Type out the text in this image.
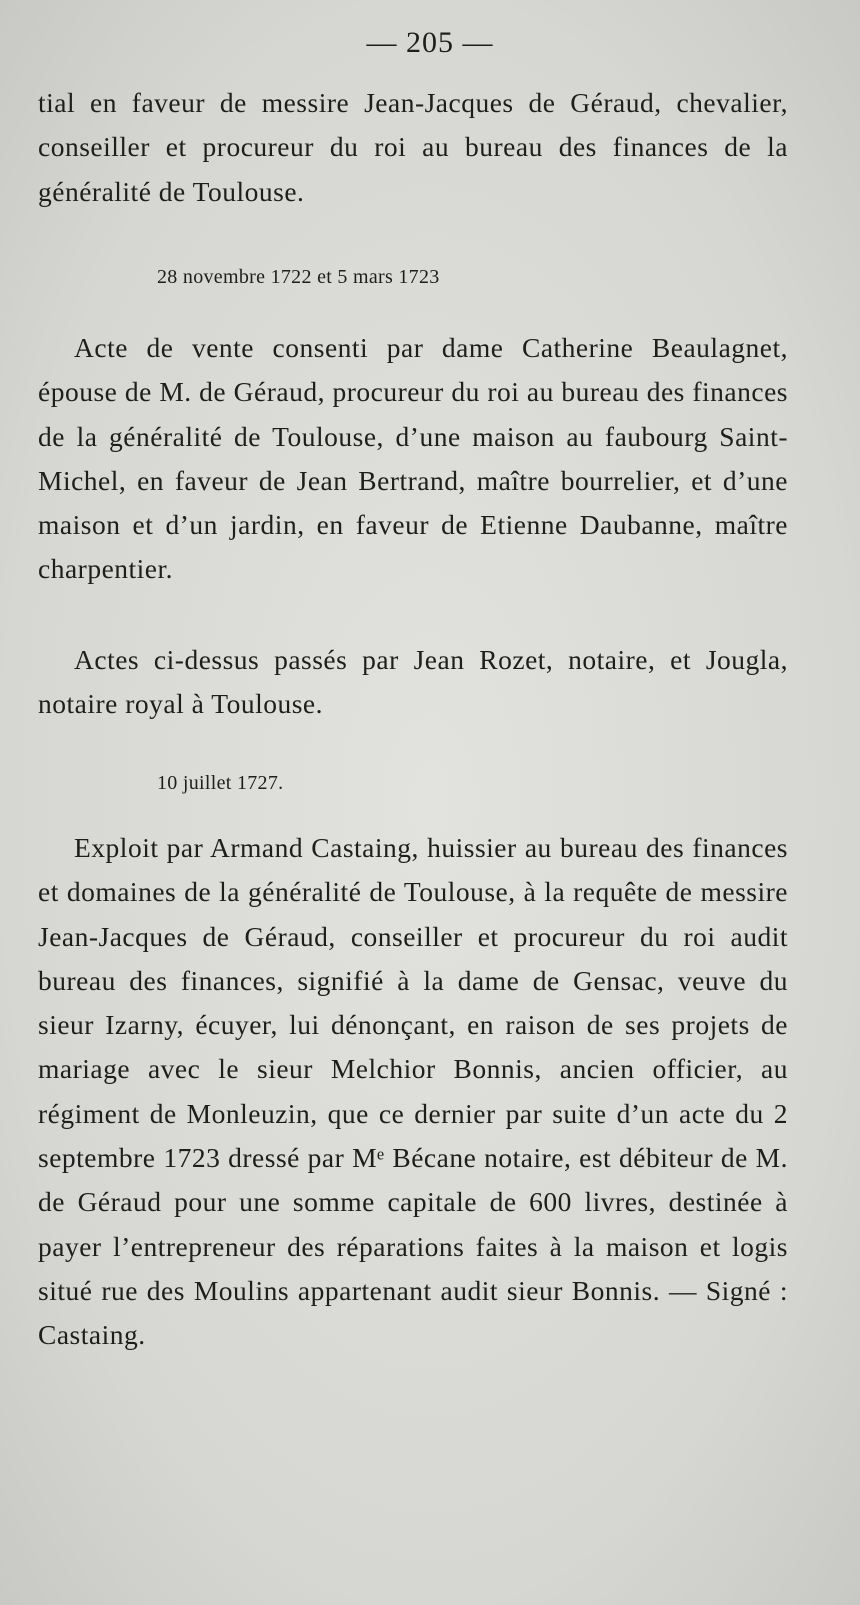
— 205 —

tial en faveur de messire Jean-Jacques de Géraud, chevalier, conseiller et procureur du roi au bureau des finances de la généralité de Toulouse.

28 novembre 1722 et 5 mars 1723

Acte de vente consenti par dame Catherine Beaulagnet, épouse de M. de Géraud, procureur du roi au bureau des finances de la généralité de Toulouse, d’une maison au faubourg Saint-Michel, en faveur de Jean Bertrand, maître bourrelier, et d’une maison et d’un jardin, en faveur de Etienne Daubanne, maître charpentier.

Actes ci-dessus passés par Jean Rozet, notaire, et Jougla, notaire royal à Toulouse.

10 juillet 1727.

Exploit par Armand Castaing, huissier au bureau des finances et domaines de la généralité de Toulouse, à la requête de messire Jean-Jacques de Géraud, conseiller et procureur du roi audit bureau des finances, signifié à la dame de Gensac, veuve du sieur Izarny, écuyer, lui dénonçant, en raison de ses projets de mariage avec le sieur Melchior Bonnis, ancien officier, au régiment de Monleuzin, que ce dernier par suite d’un acte du 2 septembre 1723 dressé par Mᵉ Bécane notaire, est débiteur de M. de Géraud pour une somme capitale de 600 livres, destinée à payer l’entrepreneur des réparations faites à la maison et logis situé rue des Moulins appartenant audit sieur Bonnis. — Signé : Castaing.
